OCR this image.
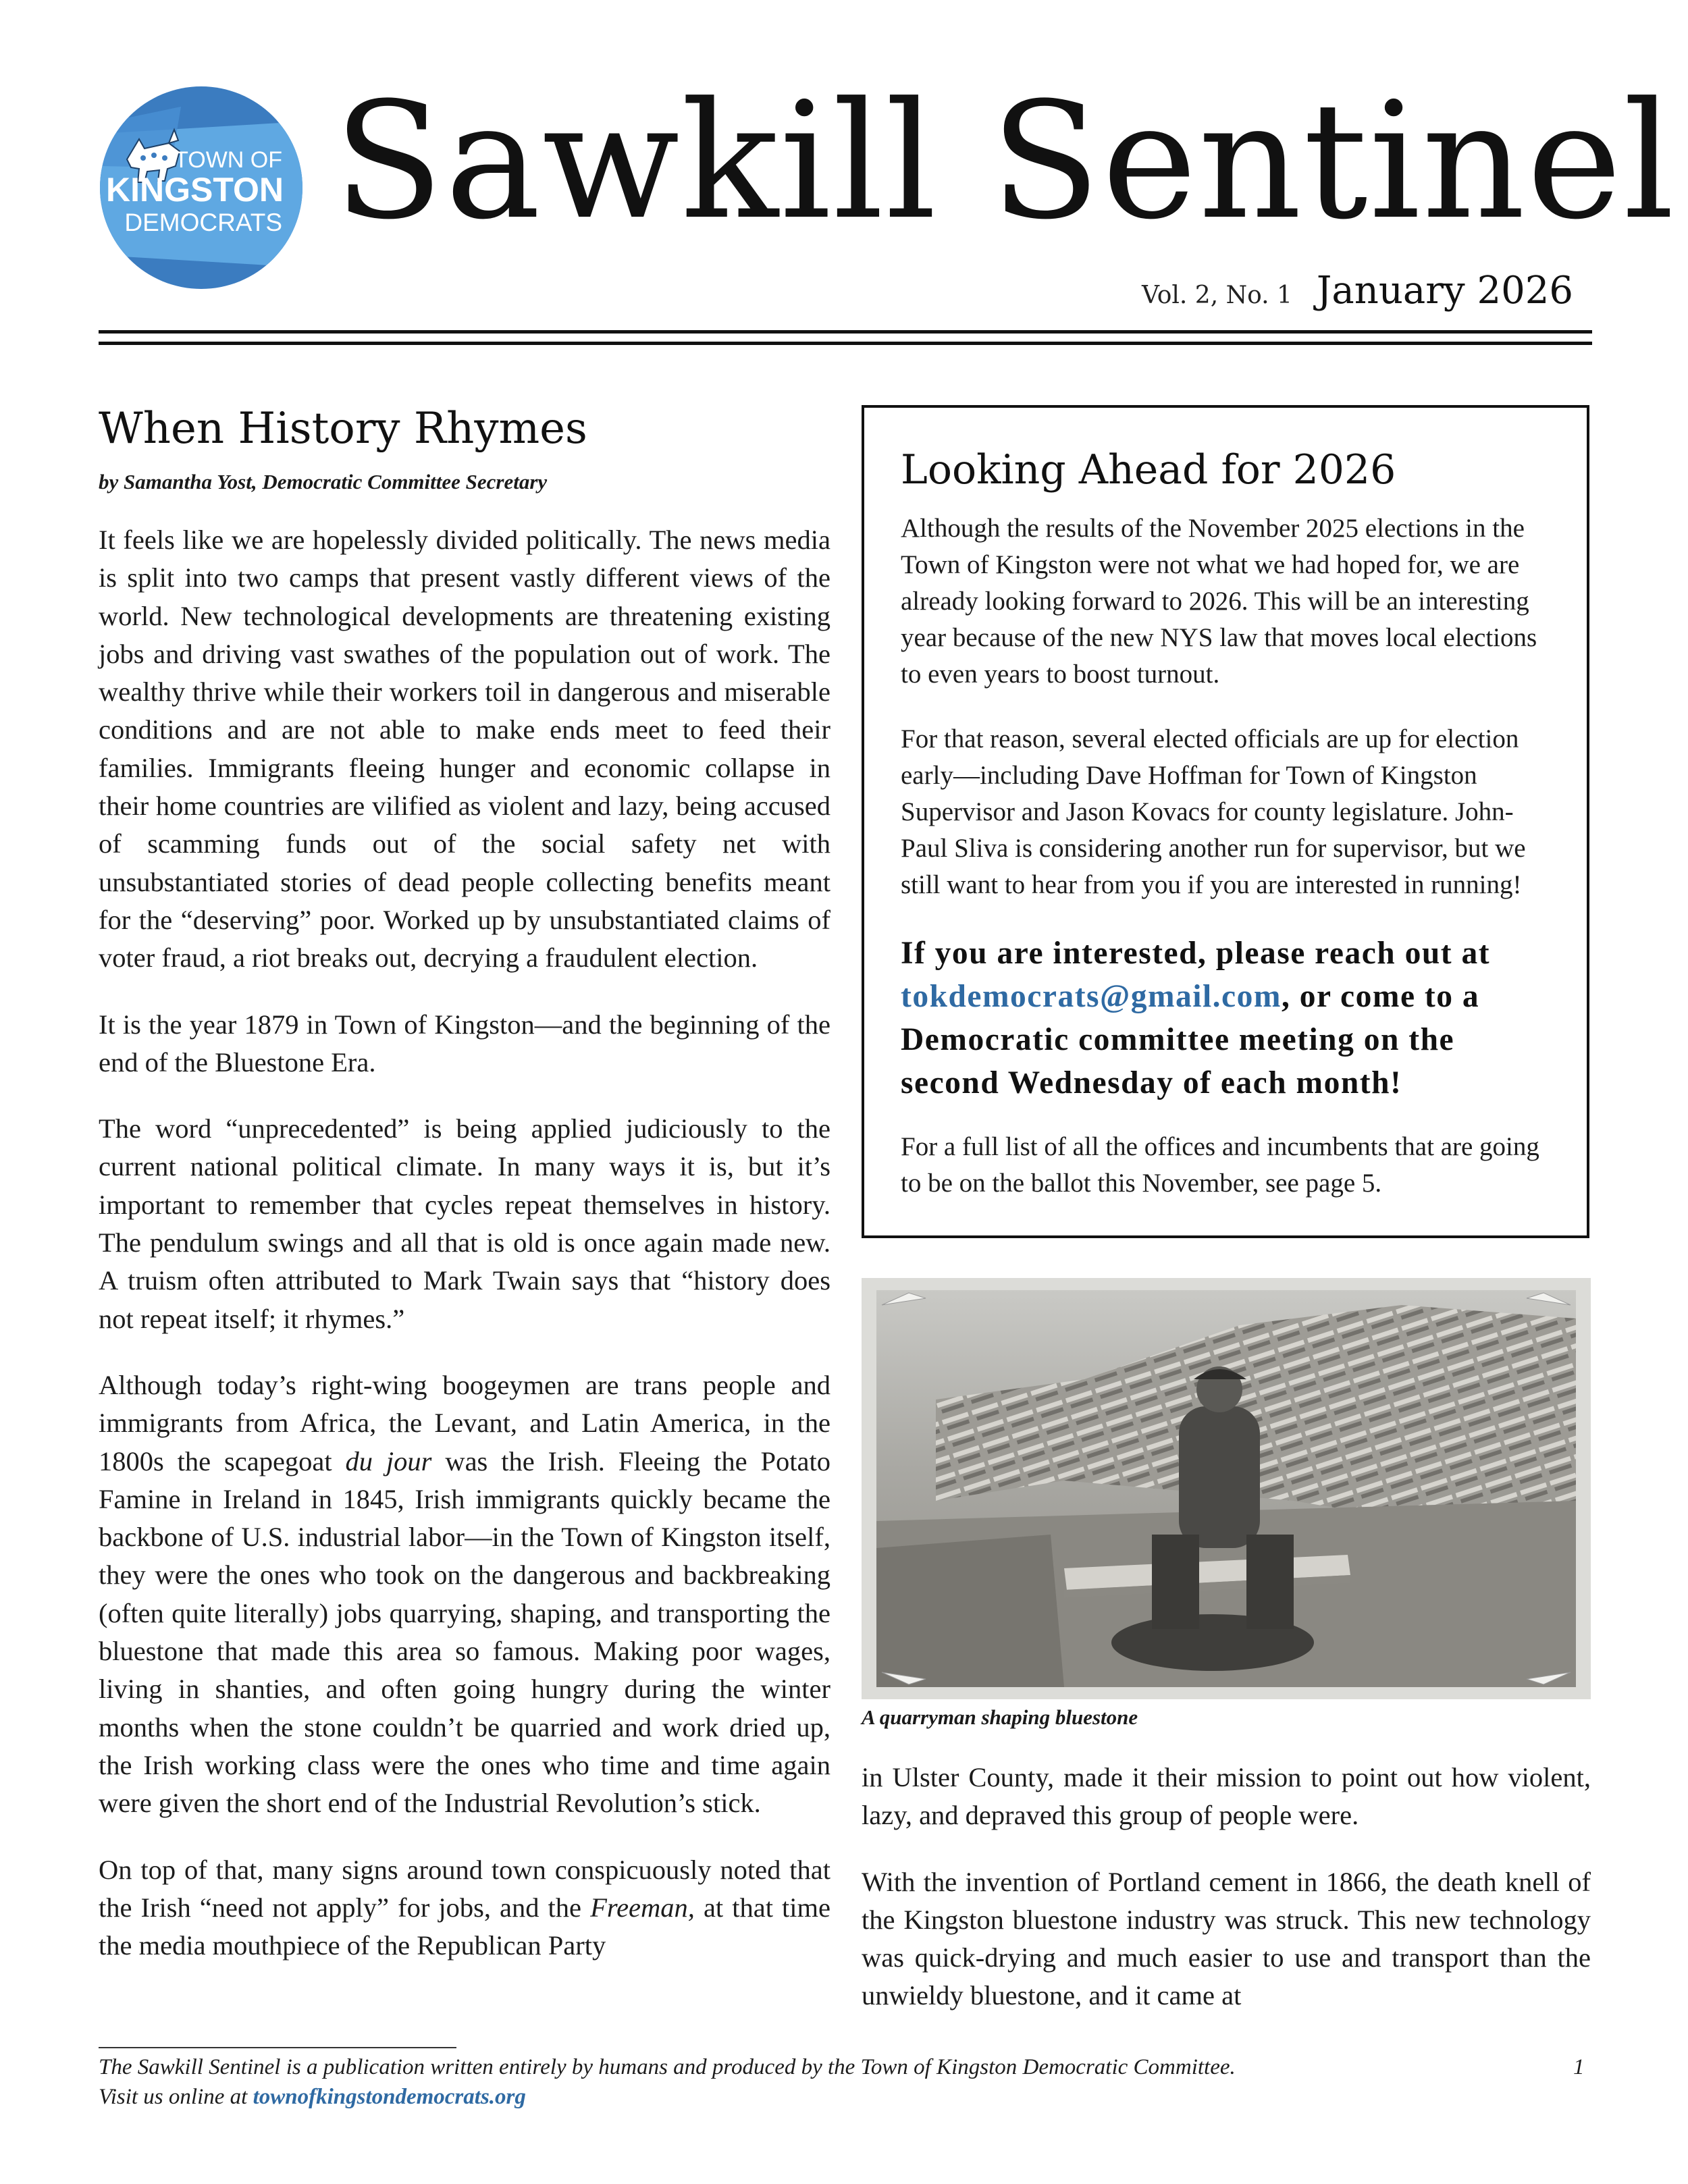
TOWN OF
KINGSTON
DEMOCRATS Sawkill Sentinel
Vol. 2, No. 1 January 2026
When History Rhymes

by Samantha Yost, Democratic Committee Secretary

It feels like we are hopelessly divided politically. The news media is split into two camps that present vastly different views of the world. New technological developments are threatening existing jobs and driving vast swathes of the population out of work. The wealthy thrive while their workers toil in dangerous and miserable conditions and are not able to make ends meet to feed their families. Immigrants fleeing hunger and economic collapse in their home countries are vilified as violent and lazy, being accused of scamming funds out of the social safety net with unsubstantiated stories of dead people collecting benefits meant for the “deserving” poor. Worked up by unsubstantiated claims of voter fraud, a riot breaks out, decrying a fraudulent election.

It is the year 1879 in Town of Kingston—and the beginning of the end of the Bluestone Era.

The word “unprecedented” is being applied judiciously to the current national political climate. In many ways it is, but it’s important to remember that cycles repeat themselves in history. The pendulum swings and all that is old is once again made new. A truism often attributed to Mark Twain says that “history does not repeat itself; it rhymes.”

Although today’s right-wing boogeymen are trans people and immigrants from Africa, the Levant, and Latin America, in the 1800s the scapegoat du jour was the Irish. Fleeing the Potato Famine in Ireland in 1845, Irish immigrants quickly became the backbone of U.S. industrial labor—in the Town of Kingston itself, they were the ones who took on the dangerous and backbreaking (often quite literally) jobs quarrying, shaping, and transporting the bluestone that made this area so famous. Making poor wages, living in shanties, and often going hungry during the winter months when the stone couldn’t be quarried and work dried up, the Irish working class were the ones who time and time again were given the short end of the Industrial Revolution’s stick.

On top of that, many signs around town conspicuously noted that the Irish “need not apply” for jobs, and the Freeman, at that time the media mouthpiece of the Republican Party

Looking Ahead for 2026

Although the results of the November 2025 elections in the Town of Kingston were not what we had hoped for, we are already looking forward to 2026. This will be an interesting year because of the new NYS law that moves local elections to even years to boost turnout.

For that reason, several elected officials are up for election early—including Dave Hoffman for Town of Kingston Supervisor and Jason Kovacs for county legislature. John-Paul Sliva is considering another run for supervisor, but we still want to hear from you if you are interested in running!

If you are interested, please reach out at tokdemocrats@gmail.com, or come to a Democratic committee meeting on the second Wednesday of each month!

For a full list of all the offices and incumbents that are going to be on the ballot this November, see page 5.

A quarryman shaping bluestone

in Ulster County, made it their mission to point out how violent, lazy, and depraved this group of people were.

With the invention of Portland cement in 1866, the death knell of the Kingston bluestone industry was struck. This new technology was quick-drying and much easier to use and transport than the unwieldy bluestone, and it came at

The Sawkill Sentinel is a publication written entirely by humans and produced by the Town of Kingston Democratic Committee.
Visit us online at townofkingstondemocrats.org
1
